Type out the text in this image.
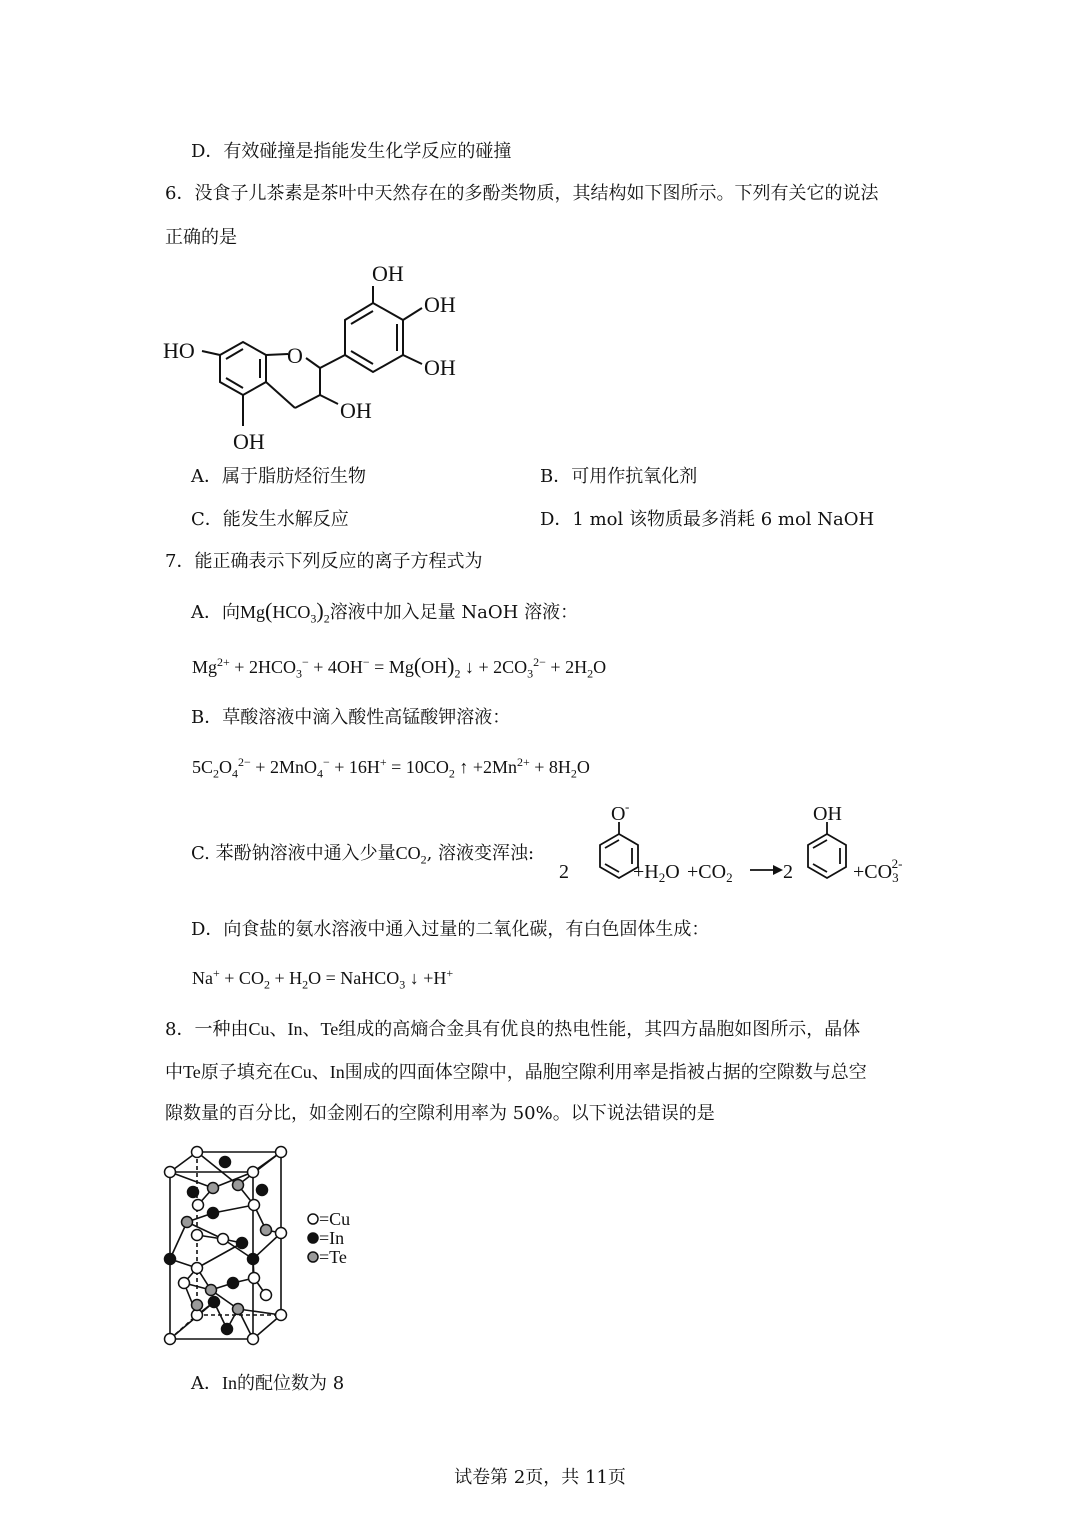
D．有效碰撞是指能发生化学反应的碰撞
6．没食子儿茶素是茶叶中天然存在的多酚类物质，其结构如下图所示。下列有关它的说法
正确的是
OH
OH
OH
HO	O
OH
OH
A．属于脂肪烃衍生物	B．可用作抗氧化剂
C．能发生水解反应	D．1 mol 该物质最多消耗 6 mol NaOH
7．能正确表示下列反应的离子方程式为
A．向$Mg(HCO_3)_2$溶液中加入足量 NaOH 溶液：
$Mg^{2+} + 2HCO_3^- + 4OH^- = Mg(OH)_2$ ↓ + $2CO_3^{2-} + 2H_2O$
B．草酸溶液中滴入酸性高锰酸钾溶液：
$5C_2O_4^{2-} + 2MnO_4^- + 16H^+ = 10CO_2$ ↑ $+2Mn^{2+} + 8H_2O$
C. 苯酚钠溶液中通入少量$CO_2$, 溶液变浑浊:
2
O -
$+H_2O +CO_2$	2
OH
$+CO_32-$
D．向食盐的氨水溶液中通入过量的二氧化碳，有白色固体生成：
$Na^+ + CO_2 + H_2O$ = NaHCO$_3$ ↓ +H+
8．一种由Cu、In、Te组成的高熵合金具有优良的热电性能，其四方晶胞如图所示，晶体
中Te原子填充在Cu、In围成的四面体空隙中，晶胞空隙利用率是指被占据的空隙数与总空
隙数量的百分比，如金刚石的空隙利用率为 50%。以下说法错误的是
=Cu
=In
=Te
A．In的配位数为 8
试卷第 2页，共 11页
